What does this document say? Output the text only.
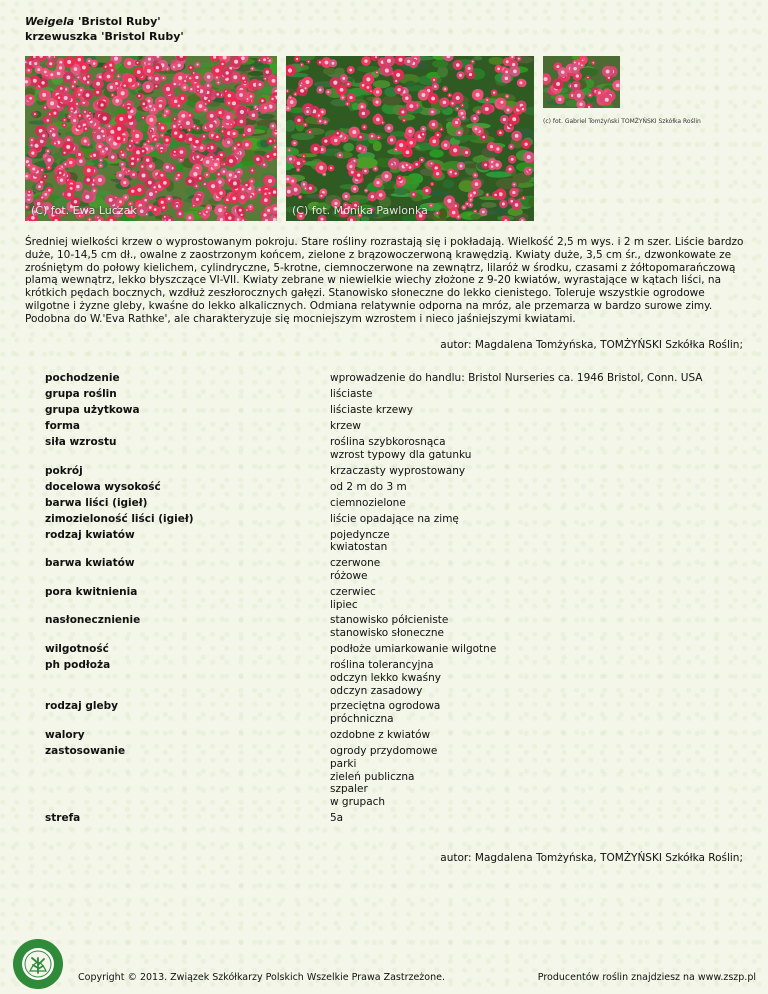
Weigela 'Bristol Ruby'
krzewuszka 'Bristol Ruby'
(C) fot. Ewa Luczak	(C) fot. Monika Pawlonka
(c) fot. Gabriel Tomżyński TOMŻYŃSKI Szkółka Roślin

Średniej wielkości krzew o wyprostowanym pokroju. Stare rośliny rozrastają się i pokładają. Wielkość 2,5 m wys. i 2 m szer. Liście bardzo duże, 10-14,5 cm dł., owalne z zaostrzonym końcem, zielone z brązowoczerwoną krawędzią. Kwiaty duże, 3,5 cm śr., dzwonkowate ze zrośniętym do połowy kielichem, cylindryczne, 5-krotne, ciemnoczerwone na zewnątrz, lilaróż w środku, czasami z żółtopomarańczową plamą wewnątrz, lekko błyszczące VI-VII. Kwiaty zebrane w niewielkie wiechy złożone z 9-20 kwiatów, wyrastające w kątach liści, na krótkich pędach bocznych, wzdłuż zeszłorocznych gałęzi. Stanowisko słoneczne do lekko cienistego. Toleruje wszystkie ogrodowe wilgotne i żyzne gleby, kwaśne do lekko alkalicznych. Odmiana relatywnie odporna na mróz, ale przemarza w bardzo surowe zimy. Podobna do W.'Eva Rathke', ale charakteryzuje się mocniejszym wzrostem i nieco jaśniejszymi kwiatami.

autor: Magdalena Tomżyńska, TOMŻYŃSKI Szkółka Roślin;
pochodzenie	wprowadzenie do handlu: Bristol Nurseries ca. 1946 Bristol, Conn. USA

grupa roślin	liściaste

grupa użytkowa	liściaste krzewy

forma	krzew

siła wzrostu	roślina szybkorosnąca
wzrost typowy dla gatunku

pokrój	krzaczasty wyprostowany

docelowa wysokość	od 2 m do 3 m

barwa liści (igieł)	ciemnozielone

zimozieloność liści (igieł)	liście opadające na zimę

rodzaj kwiatów	pojedyncze
kwiatostan

barwa kwiatów	czerwone
różowe

pora kwitnienia	czerwiec
lipiec

nasłonecznienie	stanowisko półcieniste
stanowisko słoneczne

wilgotność	podłoże umiarkowanie wilgotne

ph podłoża	roślina tolerancyjna
odczyn lekko kwaśny
odczyn zasadowy

rodzaj gleby	przeciętna ogrodowa
próchniczna

walory	ozdobne z kwiatów

zastosowanie	ogrody przydomowe
parki
zieleń publiczna
szpaler
w grupach

strefa	5a
autor: Magdalena Tomżyńska, TOMŻYŃSKI Szkółka Roślin;
Copyright © 2013. Związek Szkółkarzy Polskich Wszelkie Prawa Zastrzeżone.	Producentów roślin znajdziesz na www.zszp.pl
